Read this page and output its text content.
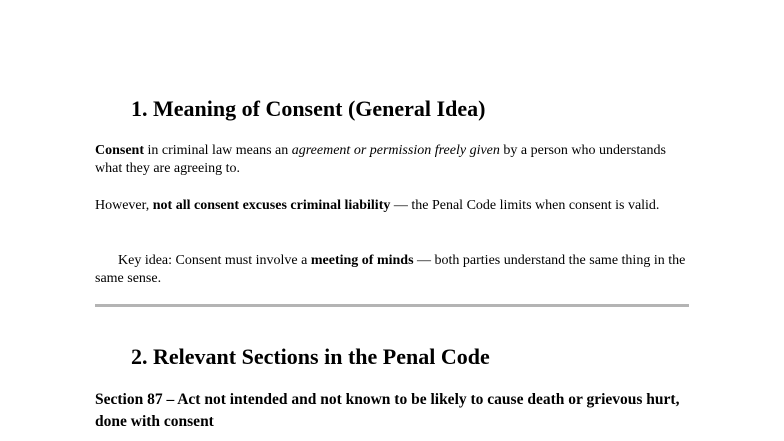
1. Meaning of Consent (General Idea)

Consent in criminal law means an agreement or permission freely given by a person who understands what they are agreeing to.

However, not all consent excuses criminal liability — the Penal Code limits when consent is valid.

Key idea: Consent must involve a meeting of minds — both parties understand the same thing in the same sense.

2. Relevant Sections in the Penal Code

Section 87 – Act not intended and not known to be likely to cause death or grievous hurt, done with consent
